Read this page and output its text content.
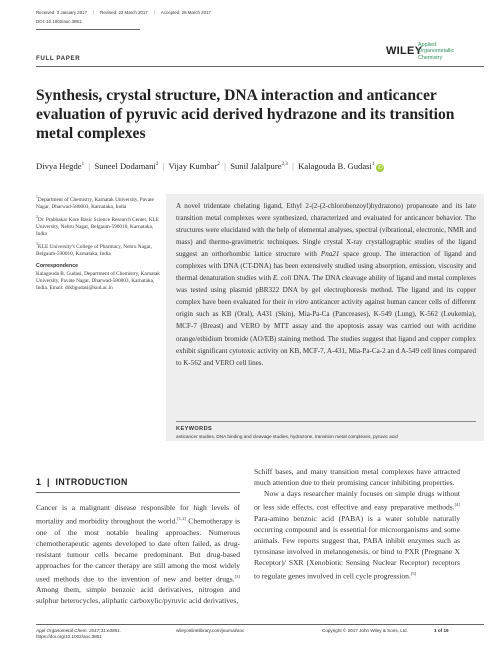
Received: 3 January 2017	|	Revised: 23 March 2017	|	Accepted: 28 March 2017
DOI: 10.1002/aoc.3851
FULL PAPER
WILEY
Applied
Organometallic
Chemistry
Synthesis, crystal structure, DNA interaction and anticancer evaluation of pyruvic acid derived hydrazone and its transition metal complexes
Divya Hegde$^1$  |  Suneel Dodamani$^2$  |  Vijay Kumbar$^2$  |  Sunil Jalalpure$^{2,3}$  |  Kalagouda B. Gudasi$^1$iD

$^1$Department of Chemistry, Karnatak University, Pavate Nagar, Dharwad-580003, Karnataka, India

$^2$Dr. Prabhakar Kore Basic Science Research Center, KLE University, Nehru Nagar, Belgaum-590010, Karnataka, India

$^3$KLE University's College of Pharmacy, Nehru Nagar, Belgaum-590010, Karnataka, India

Correspondence

Kalagouda B. Gudasi, Department of Chemistry, Karnatak University, Pavate Nagar, Dharwad-580003, Karnataka, India. Email: drkbgudasi@kud.ac.in

A novel tridentate chelating ligand, Ethyl 2-(2-(2-chlorobenzoyl)hydrazono) propanoate and its late transition metal complexes were synthesized, characterized and evaluated for anticancer behavior. The structures were elucidated with the help of elemental analyses, spectral (vibrational, electronic, NMR and mass) and thermo-gravimetric techniques. Single crystal X-ray crystallographic studies of the ligand suggest an orthorhombic lattice structure with Pna21 space group. The interaction of ligand and complexes with DNA (CT-DNA) has been extensively studied using absorption, emission, viscosity and thermal denaturation studies with E. coli DNA. The DNA cleavage ability of ligand and metal complexes was tested using plasmid pBR322 DNA by gel electrophoresis method. The ligand and its copper complex have been evaluated for their in vitro anticancer activity against human cancer cells of different origin such as KB (Oral), A431 (Skin), Mia-Pa-Ca (Pancreases), K-549 (Lung), K-562 (Leukemia), MCF-7 (Breast) and VERO by MTT assay and the apoptosis assay was carried out with acridine orange/ethidium bromide (AO/EB) staining method. The studies suggest that ligand and copper complex exhibit significant cytotoxic activity on KB, MCF-7, A-431, Mia-Pa-Ca-2 an d A-549 cell lines compared to K-562 and VERO cell lines.
KEYWORDS
anticancer studies, DNA binding and cleavage studies, hydrazone, transition metal complexes, pyruvic acid
1  |  INTRODUCTION
Cancer is a malignant disease responsible for high levels of mortality and morbidity throughout the world.[1,2] Chemotherapy is one of the most notable healing approaches. Numerous chemotherapeutic agents developed to date often failed, as drug-resistant tumour cells became predominant. But drug-based approaches for the cancer therapy are still among the most widely used methods due to the invention of new and better drugs.[3] Among them, simple benzoic acid derivatives, nitrogen and sulphur heterocycles, aliphatic carboxylic/pyruvic acid derivatives,
Schiff bases, and many transition metal complexes have attracted much attention due to their promising cancer inhibiting properties.
Now a days researcher mainly focuses on simple drugs without or less side effects, cost effective and easy preparative methods.[4] Para-amino benzoic acid (PABA) is a water soluble naturally occurring compound and is essential for microorganisms and some animals. Few reports suggest that, PABA inhibit enzymes such as tyrosinase involved in melanogenesis, or bind to PXR (Pregnane X Receptor)/ SXR (Xenobiotic Sensing Nuclear Receptor) receptors to regulate genes involved in cell cycle progression.[5]
Appl Organometal Chem. 2017;31:e3851.
https://doi.org/10.1002/aoc.3851
wileyonlinelibrary.com/journal/aoc	Copyright © 2017 John Wiley & Sons, Ltd.	1 of 19
